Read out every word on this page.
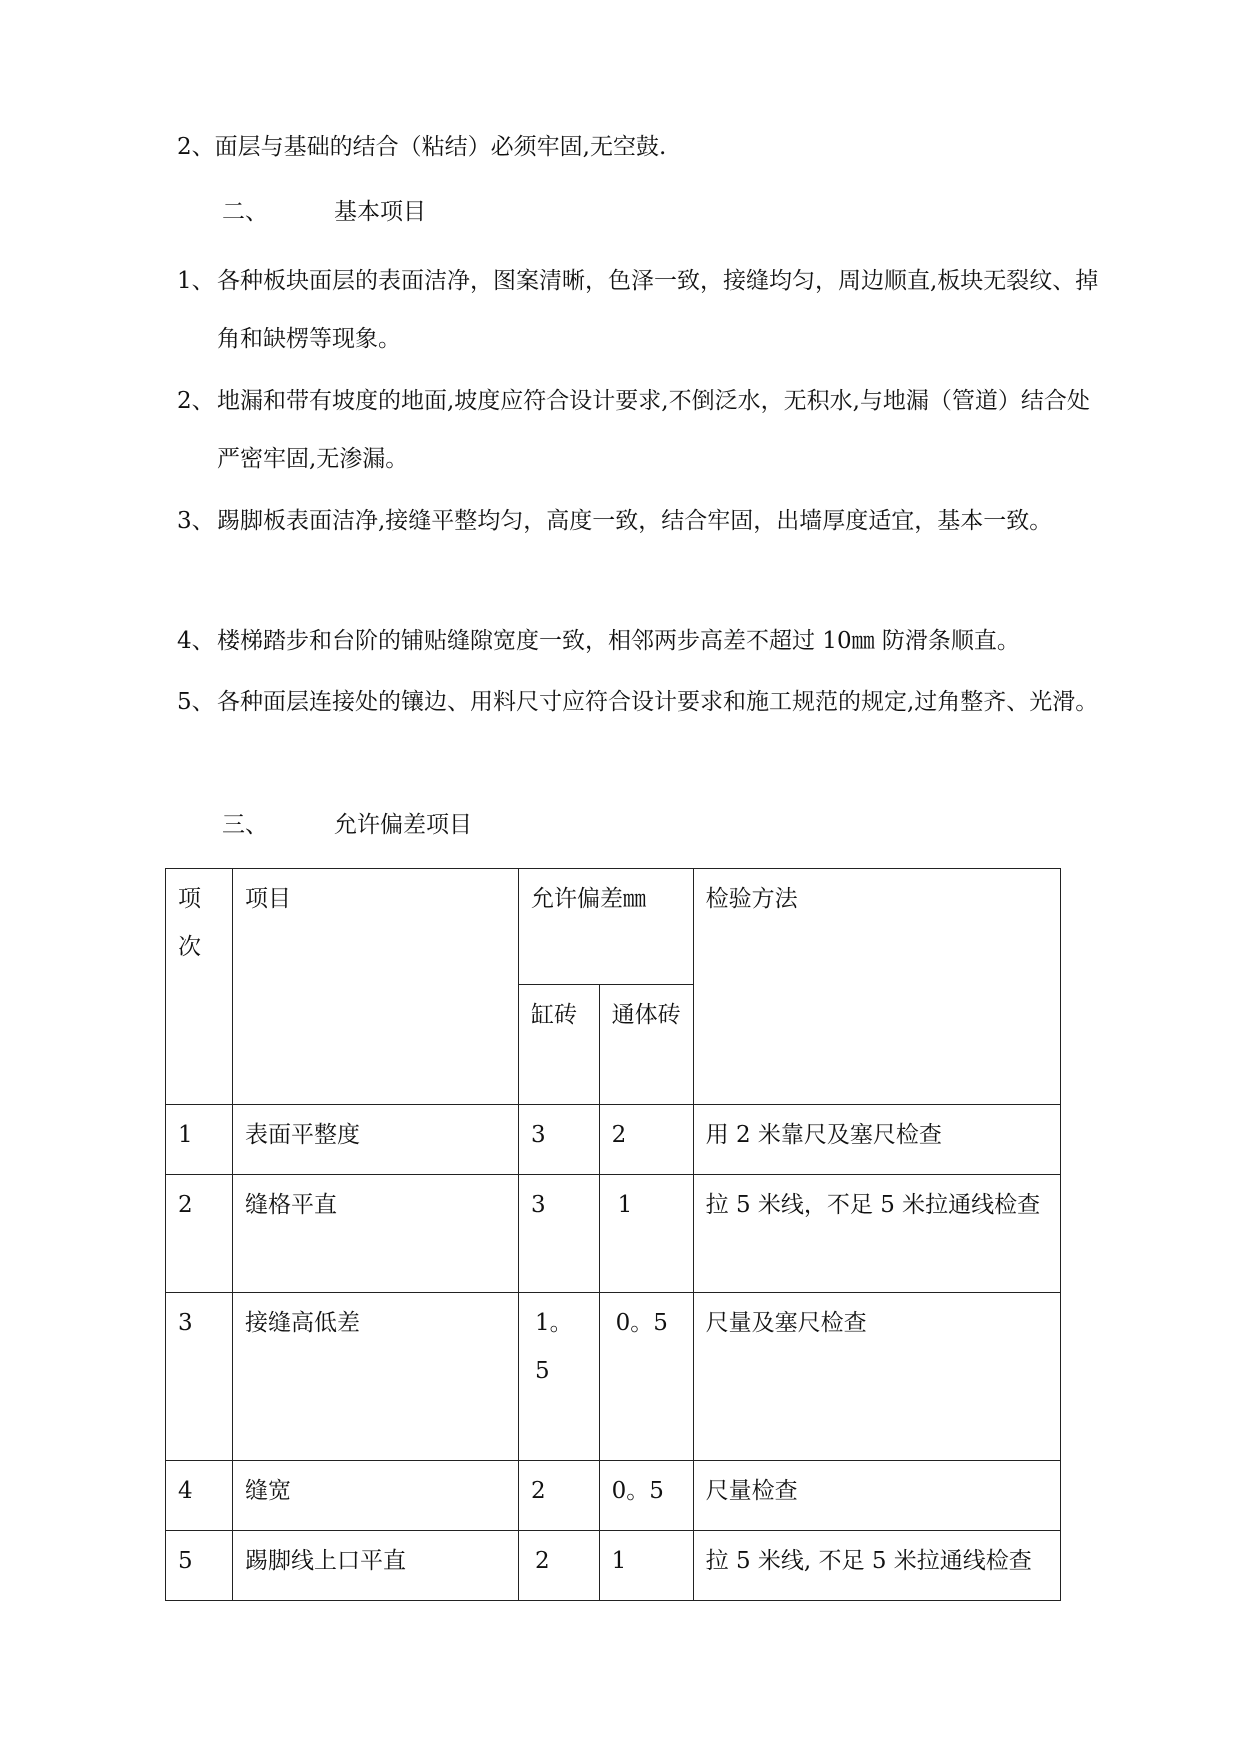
2、面层与基础的结合（粘结）必须牢固,无空鼓.
二、	基本项目
1、 各种板块面层的表面洁净，图案清晰，色泽一致，接缝均匀，周边顺直,板块无裂纹、掉角和缺楞等现象。
2、 地漏和带有坡度的地面,坡度应符合设计要求,不倒泛水，无积水,与地漏（管道）结合处严密牢固,无渗漏。
3、 踢脚板表面洁净,接缝平整均匀，高度一致，结合牢固，出墙厚度适宜，基本一致。
4、 楼梯踏步和台阶的铺贴缝隙宽度一致，相邻两步高差不超过 10㎜ 防滑条顺直。
5、 各种面层连接处的镶边、用料尺寸应符合设计要求和施工规范的规定,过角整齐、光滑。
三、	允许偏差项目
项次	项目	允许偏差㎜		检验方法
		缸砖	通体砖	
1	表面平整度	3	2	用 2 米靠尺及塞尺检查
2	缝格平直	3	1	拉 5 米线，不足 5 米拉通线检查
3	接缝高低差	1。5	0。5	尺量及塞尺检查
4	缝宽	2	0。5	尺量检查
5	踢脚线上口平直	2	1	拉 5 米线, 不足 5 米拉通线检查
